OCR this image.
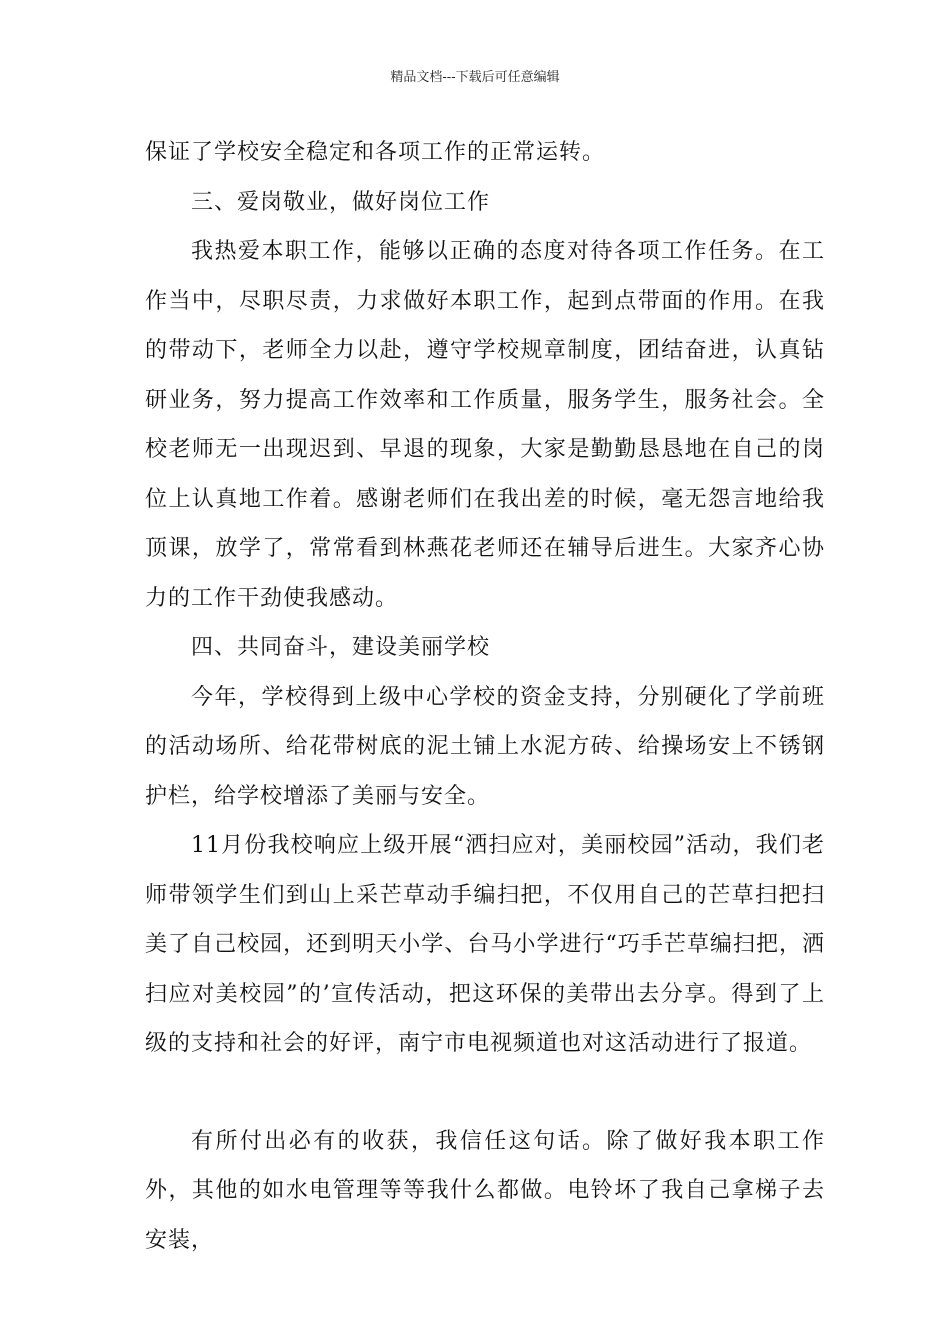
精品文档---下载后可任意编辑

保证了学校安全稳定和各项工作的正常运转。

三、爱岗敬业，做好岗位工作

我热爱本职工作，能够以正确的态度对待各项工作任务。在工作当中，尽职尽责，力求做好本职工作，起到点带面的作用。在我的带动下，老师全力以赴，遵守学校规章制度，团结奋进，认真钻研业务，努力提高工作效率和工作质量，服务学生，服务社会。全校老师无一出现迟到、早退的现象，大家是勤勤恳恳地在自己的岗位上认真地工作着。感谢老师们在我出差的时候，毫无怨言地给我顶课，放学了，常常看到林燕花老师还在辅导后进生。大家齐心协力的工作干劲使我感动。

四、共同奋斗，建设美丽学校

今年，学校得到上级中心学校的资金支持，分别硬化了学前班的活动场所、给花带树底的泥土铺上水泥方砖、给操场安上不锈钢护栏，给学校增添了美丽与安全。

11月份我校响应上级开展“洒扫应对，美丽校园”活动，我们老师带领学生们到山上采芒草动手编扫把，不仅用自己的芒草扫把扫美了自己校园，还到明天小学、台马小学进行“巧手芒草编扫把，洒扫应对美校园”的’宣传活动，把这环保的美带出去分享。得到了上级的支持和社会的好评，南宁市电视频道也对这活动进行了报道。

有所付出必有的收获，我信任这句话。除了做好我本职工作外，其他的如水电管理等等我什么都做。电铃坏了我自己拿梯子去安装，
